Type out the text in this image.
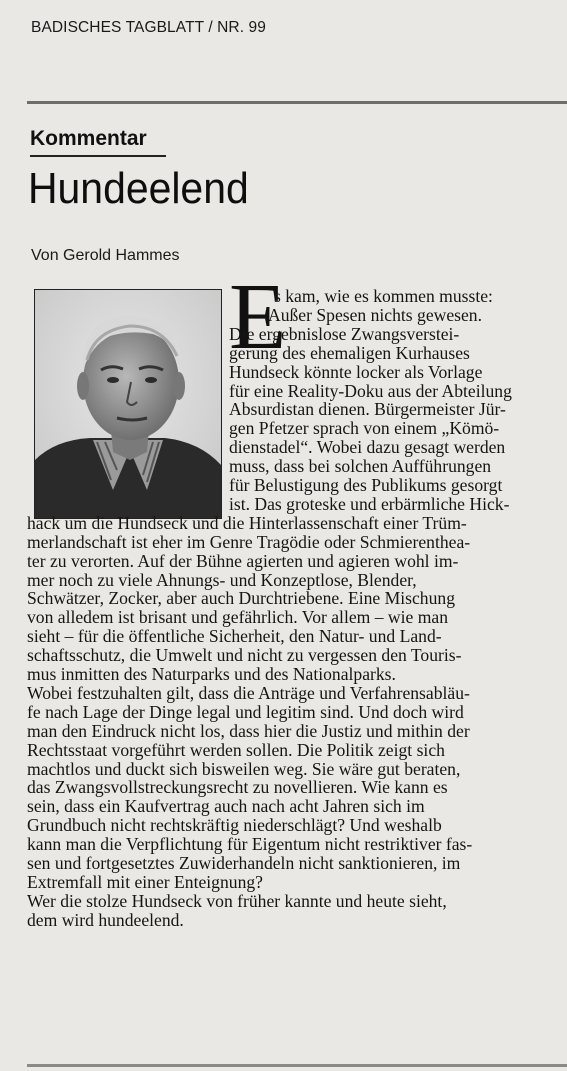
BADISCHES TAGBLATT / NR. 99
Kommentar
Hundeelend
Von Gerold Hammes
E
s kam, wie es kommen musste:
Außer Spesen nichts gewesen.
Die ergebnislose Zwangsverstei-
gerung des ehemaligen Kurhauses
Hundseck könnte locker als Vorlage
für eine Reality-Doku aus der Abteilung
Absurdistan dienen. Bürgermeister Jür-
gen Pfetzer sprach von einem „Kömö-
dienstadel“. Wobei dazu gesagt werden
muss, dass bei solchen Aufführungen
für Belustigung des Publikums gesorgt
ist. Das groteske und erbärmliche Hick-
hack um die Hundseck und die Hinterlassenschaft einer Trüm-
merlandschaft ist eher im Genre Tragödie oder Schmierenthea-
ter zu verorten. Auf der Bühne agierten und agieren wohl im-
mer noch zu viele Ahnungs- und Konzeptlose, Blender,
Schwätzer, Zocker, aber auch Durchtriebene. Eine Mischung
von alledem ist brisant und gefährlich. Vor allem – wie man
sieht – für die öffentliche Sicherheit, den Natur- und Land-
schaftsschutz, die Umwelt und nicht zu vergessen den Touris-
mus inmitten des Naturparks und des Nationalparks.
Wobei festzuhalten gilt, dass die Anträge und Verfahrensabläu-
fe nach Lage der Dinge legal und legitim sind. Und doch wird
man den Eindruck nicht los, dass hier die Justiz und mithin der
Rechtsstaat vorgeführt werden sollen. Die Politik zeigt sich
machtlos und duckt sich bisweilen weg. Sie wäre gut beraten,
das Zwangsvollstreckungsrecht zu novellieren. Wie kann es
sein, dass ein Kaufvertrag auch nach acht Jahren sich im
Grundbuch nicht rechtskräftig niederschlägt? Und weshalb
kann man die Verpflichtung für Eigentum nicht restriktiver fas-
sen und fortgesetztes Zuwiderhandeln nicht sanktionieren, im
Extremfall mit einer Enteignung?
Wer die stolze Hundseck von früher kannte und heute sieht,
dem wird hundeelend.
